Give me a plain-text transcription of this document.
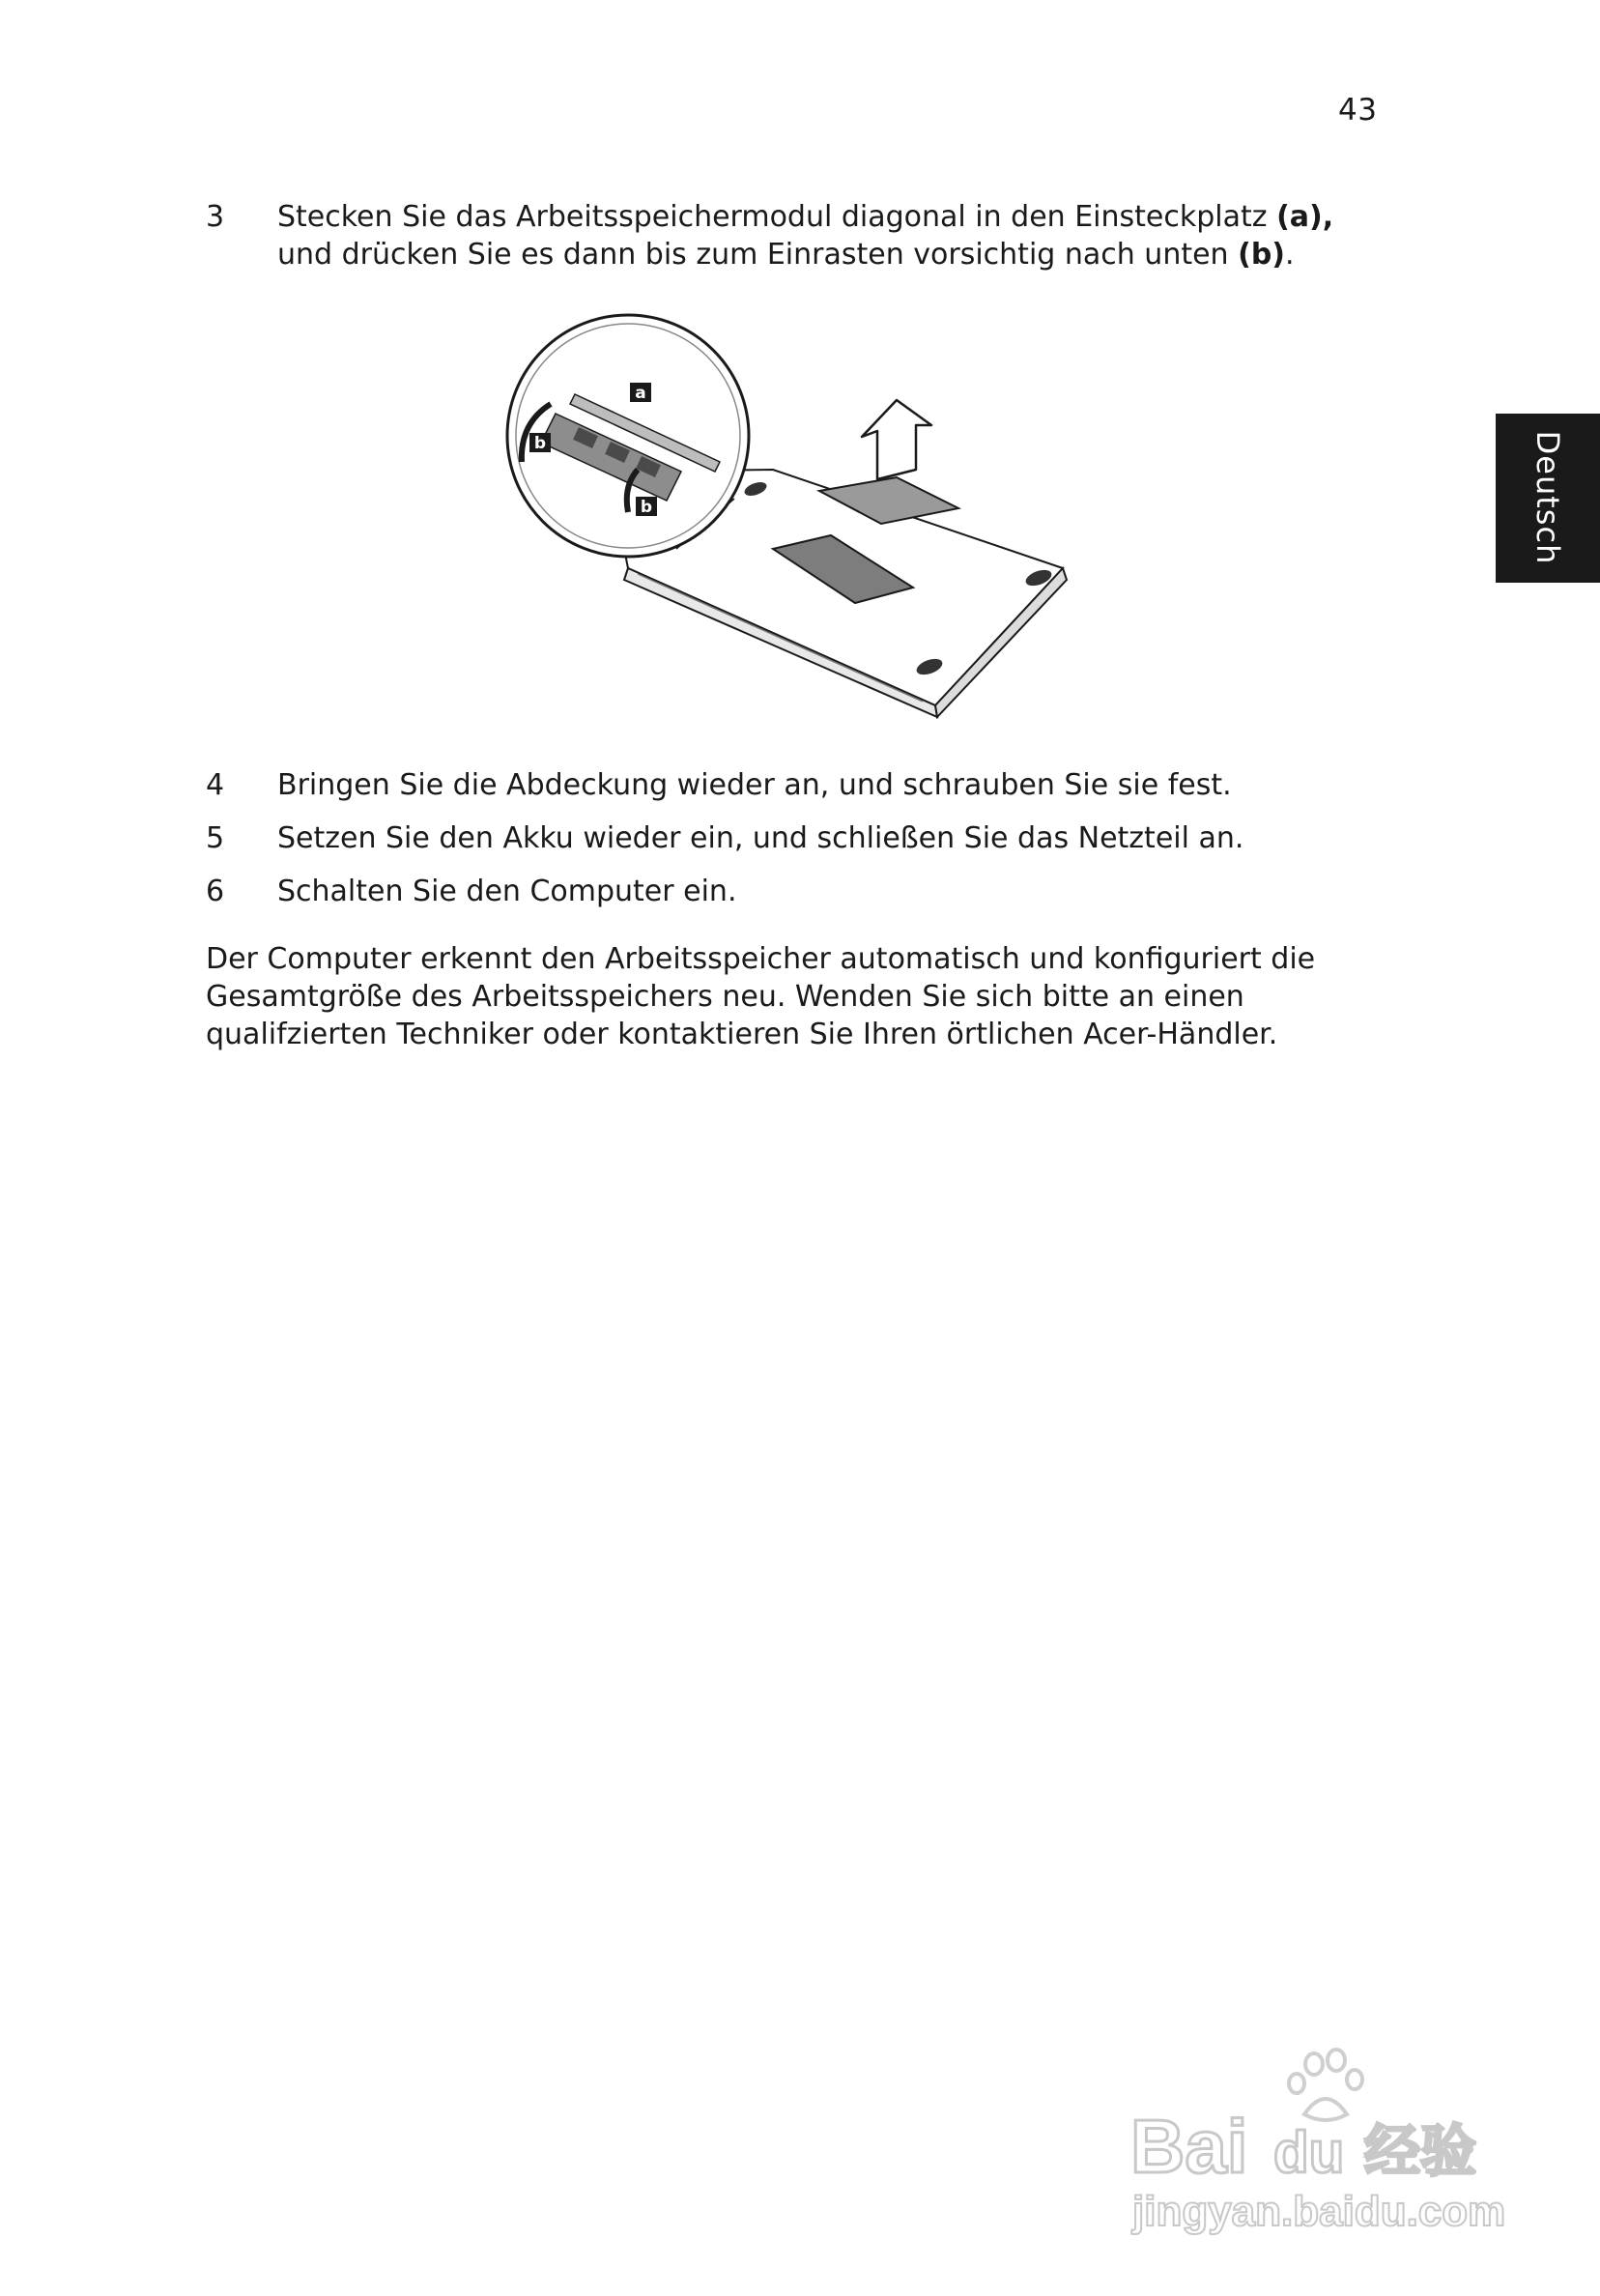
43
Deutsch
3 Stecken Sie das Arbeitsspeichermodul diagonal in den Einsteckplatz (a),
und drücken Sie es dann bis zum Einrasten vorsichtig nach unten (b).
a
b
b
4 Bringen Sie die Abdeckung wieder an, und schrauben Sie sie fest.
5 Setzen Sie den Akku wieder ein, und schließen Sie das Netzteil an.
6 Schalten Sie den Computer ein.
Der Computer erkennt den Arbeitsspeicher automatisch und konfiguriert die
Gesamtgröße des Arbeitsspeichers neu. Wenden Sie sich bitte an einen
qualifzierten Techniker oder kontaktieren Sie Ihren örtlichen Acer-Händler.
Bai du 经验
jingyan.baidu.com
